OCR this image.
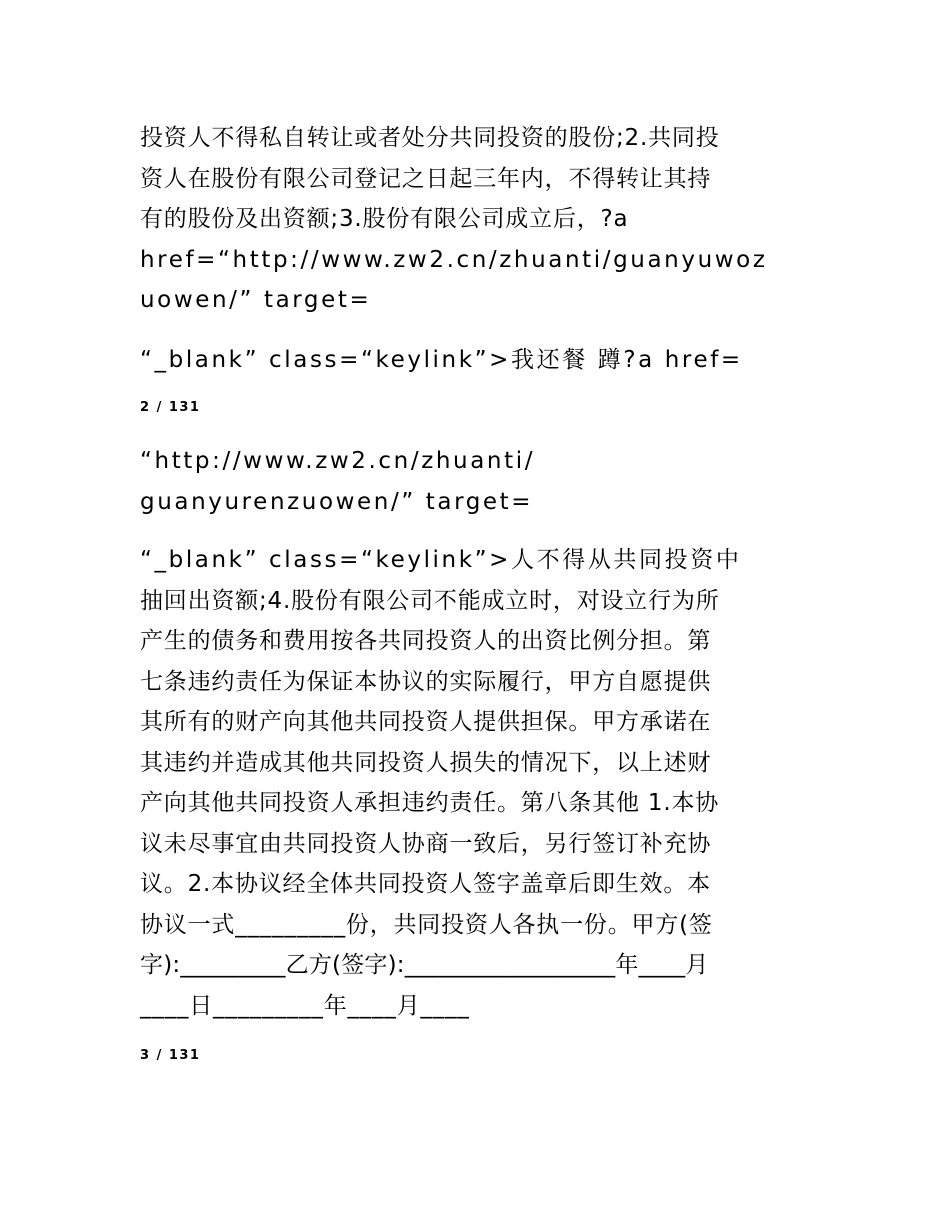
投资人不得私自转让或者处分共同投资的股份;2.共同投
资人在股份有限公司登记之日起三年内，不得转让其持
有的股份及出资额;3.股份有限公司成立后，?a
href=“http://www.zw2.cn/zhuanti/guanyuwoz
uowen/” target=
“_blank” class=“keylink”>我还餐 蹲?a href=
2 / 131
“http://www.zw2.cn/zhuanti/
guanyurenzuowen/” target=
“_blank” class=“keylink”>人不得从共同投资中
抽回出资额;4.股份有限公司不能成立时，对设立行为所
产生的债务和费用按各共同投资人的出资比例分担。第
七条违约责任为保证本协议的实际履行，甲方自愿提供
其所有的财产向其他共同投资人提供担保。甲方承诺在
其违约并造成其他共同投资人损失的情况下，以上述财
产向其他共同投资人承担违约责任。第八条其他 1.本协
议未尽事宜由共同投资人协商一致后，另行签订补充协
议。2.本协议经全体共同投资人签字盖章后即生效。本
协议一式_________份，共同投资人各执一份。甲方(签
字):_________乙方(签字):__________________年____月
____日_________年____月____
3 / 131
